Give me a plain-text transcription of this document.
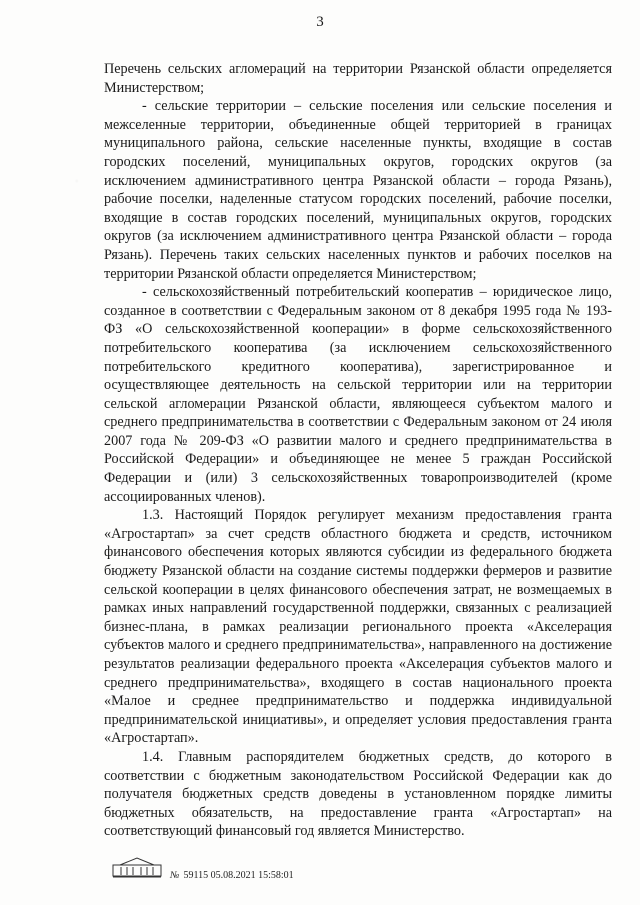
3

Перечень сельских агломераций на территории Рязанской области определяется Министерством;

- сельские территории – сельские поселения или сельские поселения и межселенные территории, объединенные общей территорией в границах муниципального района, сельские населенные пункты, входящие в состав городских поселений, муниципальных округов, городских округов (за исключением административного центра Рязанской области – города Рязань), рабочие поселки, наделенные статусом городских поселений, рабочие поселки, входящие в состав городских поселений, муниципальных округов, городских округов (за исключением административного центра Рязанской области – города Рязань). Перечень таких сельских населенных пунктов и рабочих поселков на территории Рязанской области определяется Министерством;

- сельскохозяйственный потребительский кооператив – юридическое лицо, созданное в соответствии с Федеральным законом от 8 декабря 1995 года № 193-ФЗ «О сельскохозяйственной кооперации» в форме сельскохозяйственного потребительского кооператива (за исключением сельскохозяйственного потребительского кредитного кооператива), зарегистрированное и осуществляющее деятельность на сельской территории или на территории сельской агломерации Рязанской области, являющееся субъектом малого и среднего предпринимательства в соответствии с Федеральным законом от 24 июля 2007 года № 209-ФЗ «О развитии малого и среднего предпринимательства в Российской Федерации» и объединяющее не менее 5 граждан Российской Федерации и (или) 3 сельскохозяйственных товаропроизводителей (кроме ассоциированных членов).

1.3. Настоящий Порядок регулирует механизм предоставления гранта «Агростартап» за счет средств областного бюджета и средств, источником финансового обеспечения которых являются субсидии из федерального бюджета бюджету Рязанской области на создание системы поддержки фермеров и развитие сельской кооперации в целях финансового обеспечения затрат, не возмещаемых в рамках иных направлений государственной поддержки, связанных с реализацией бизнес-плана, в рамках реализации регионального проекта «Акселерация субъектов малого и среднего предпринимательства», направленного на достижение результатов реализации федерального проекта «Акселерация субъектов малого и среднего предпринимательства», входящего в состав национального проекта «Малое и среднее предпринимательство и поддержка индивидуальной предпринимательской инициативы», и определяет условия предоставления гранта «Агростартап».

1.4. Главным распорядителем бюджетных средств, до которого в соответствии с бюджетным законодательством Российской Федерации как до получателя бюджетных средств доведены в установленном порядке лимиты бюджетных обязательств, на предоставление гранта «Агростартап» на соответствующий финансовый год является Министерство.

№ 59115 05.08.2021 15:58:01
